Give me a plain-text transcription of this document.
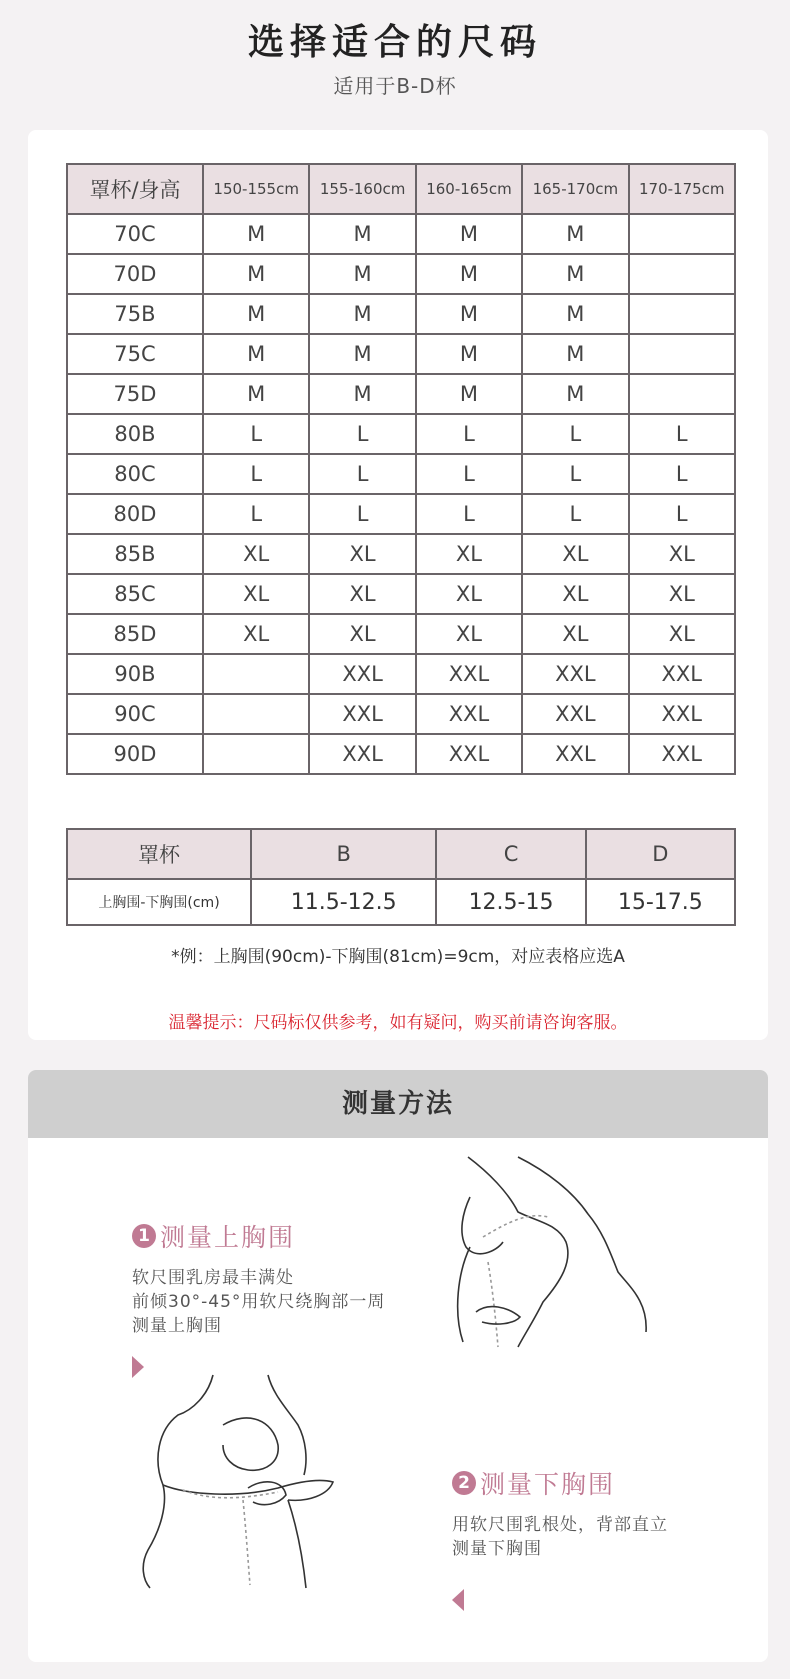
选择适合的尺码
适用于B-D杯
罩杯/身高	150-155cm	155-160cm	160-165cm	165-170cm	170-175cm
70C	M	M	M	M	
70D	M	M	M	M	
75B	M	M	M	M	
75C	M	M	M	M	
75D	M	M	M	M	
80B	L	L	L	L	L
80C	L	L	L	L	L
80D	L	L	L	L	L
85B	XL	XL	XL	XL	XL
85C	XL	XL	XL	XL	XL
85D	XL	XL	XL	XL	XL
90B		XXL	XXL	XXL	XXL
90C		XXL	XXL	XXL	XXL
90D		XXL	XXL	XXL	XXL
罩杯	B	C	D
上胸围-下胸围(cm)	11.5-12.5	12.5-15	15-17.5
*例：上胸围(90cm)-下胸围(81cm)=9cm，对应表格应选A
温馨提示：尺码标仅供参考，如有疑问，购买前请咨询客服。
测量方法
1 测量上胸围
软尺围乳房最丰满处
前倾30°-45°用软尺绕胸部一周
测量上胸围
2 测量下胸围
用软尺围乳根处，背部直立
测量下胸围
